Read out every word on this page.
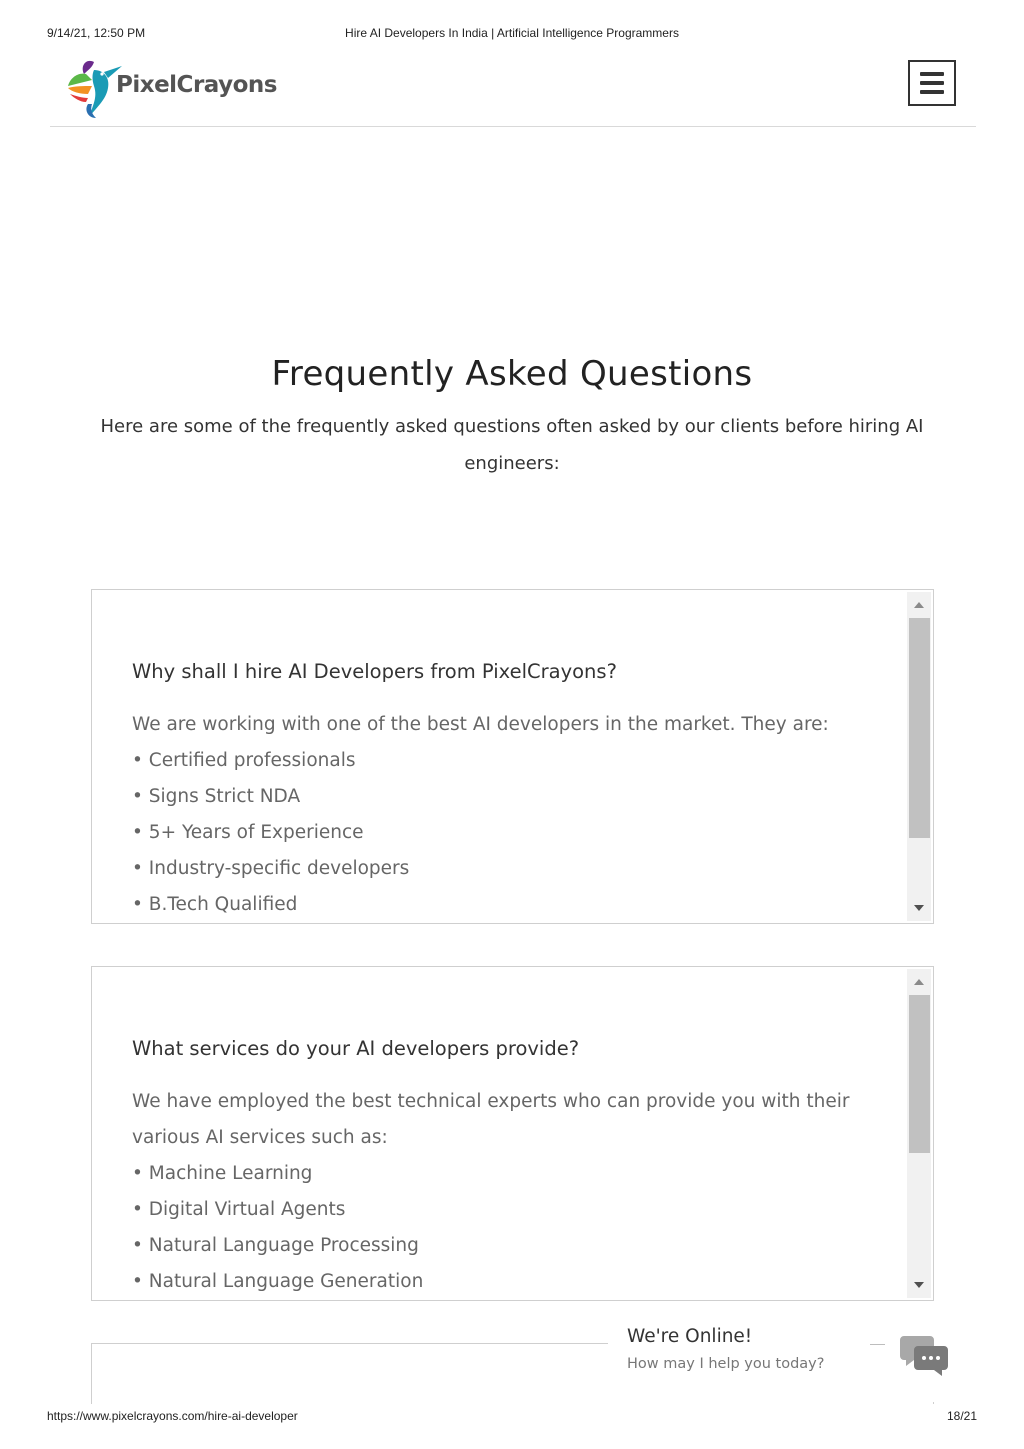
9/14/21, 12:50 PM	Hire AI Developers In India | Artificial Intelligence Programmers
PixelCrayons
Frequently Asked Questions

Here are some of the frequently asked questions often asked by our clients before hiring AI engineers:

Why shall I hire AI Developers from PixelCrayons?

We are working with one of the best AI developers in the market. They are:
• Certified professionals
• Signs Strict NDA
• 5+ Years of Experience
• Industry-specific developers
• B.Tech Qualified

What services do your AI developers provide?

We have employed the best technical experts who can provide you with their various AI services such as:
• Machine Learning
• Digital Virtual Agents
• Natural Language Processing
• Natural Language Generation

We're Online!
How may I help you today?
https://www.pixelcrayons.com/hire-ai-developer	18/21
